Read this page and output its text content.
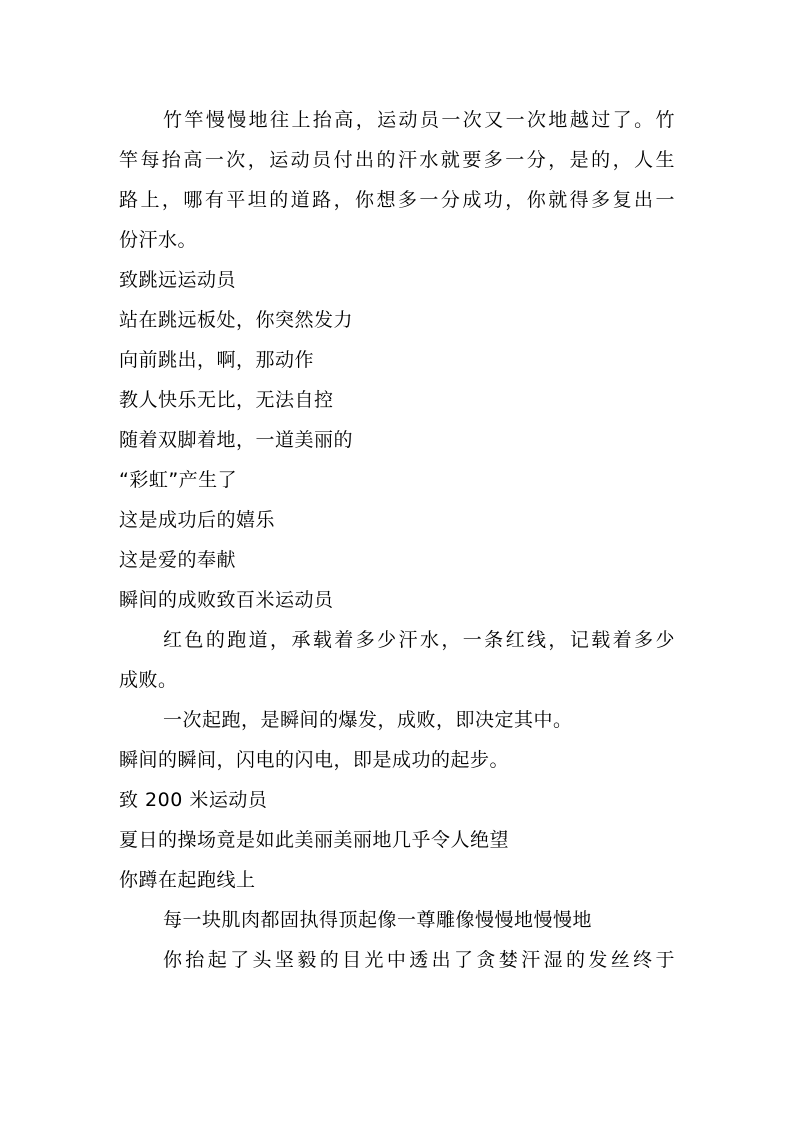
竹竿慢慢地往上抬高，运动员一次又一次地越过了。竹
竿每抬高一次，运动员付出的汗水就要多一分，是的，人生
路上，哪有平坦的道路，你想多一分成功，你就得多复出一
份汗水。
致跳远运动员
站在跳远板处，你突然发力
向前跳出，啊，那动作
教人快乐无比，无法自控
随着双脚着地，一道美丽的
“彩虹”产生了
这是成功后的嬉乐
这是爱的奉献
瞬间的成败致百米运动员
红色的跑道，承载着多少汗水，一条红线，记载着多少
成败。
一次起跑，是瞬间的爆发，成败，即决定其中。
瞬间的瞬间，闪电的闪电，即是成功的起步。
致 200 米运动员
夏日的操场竟是如此美丽美丽地几乎令人绝望
你蹲在起跑线上
每一块肌肉都固执得顶起像一尊雕像慢慢地慢慢地
你抬起了头坚毅的目光中透出了贪婪汗湿的发丝终于
